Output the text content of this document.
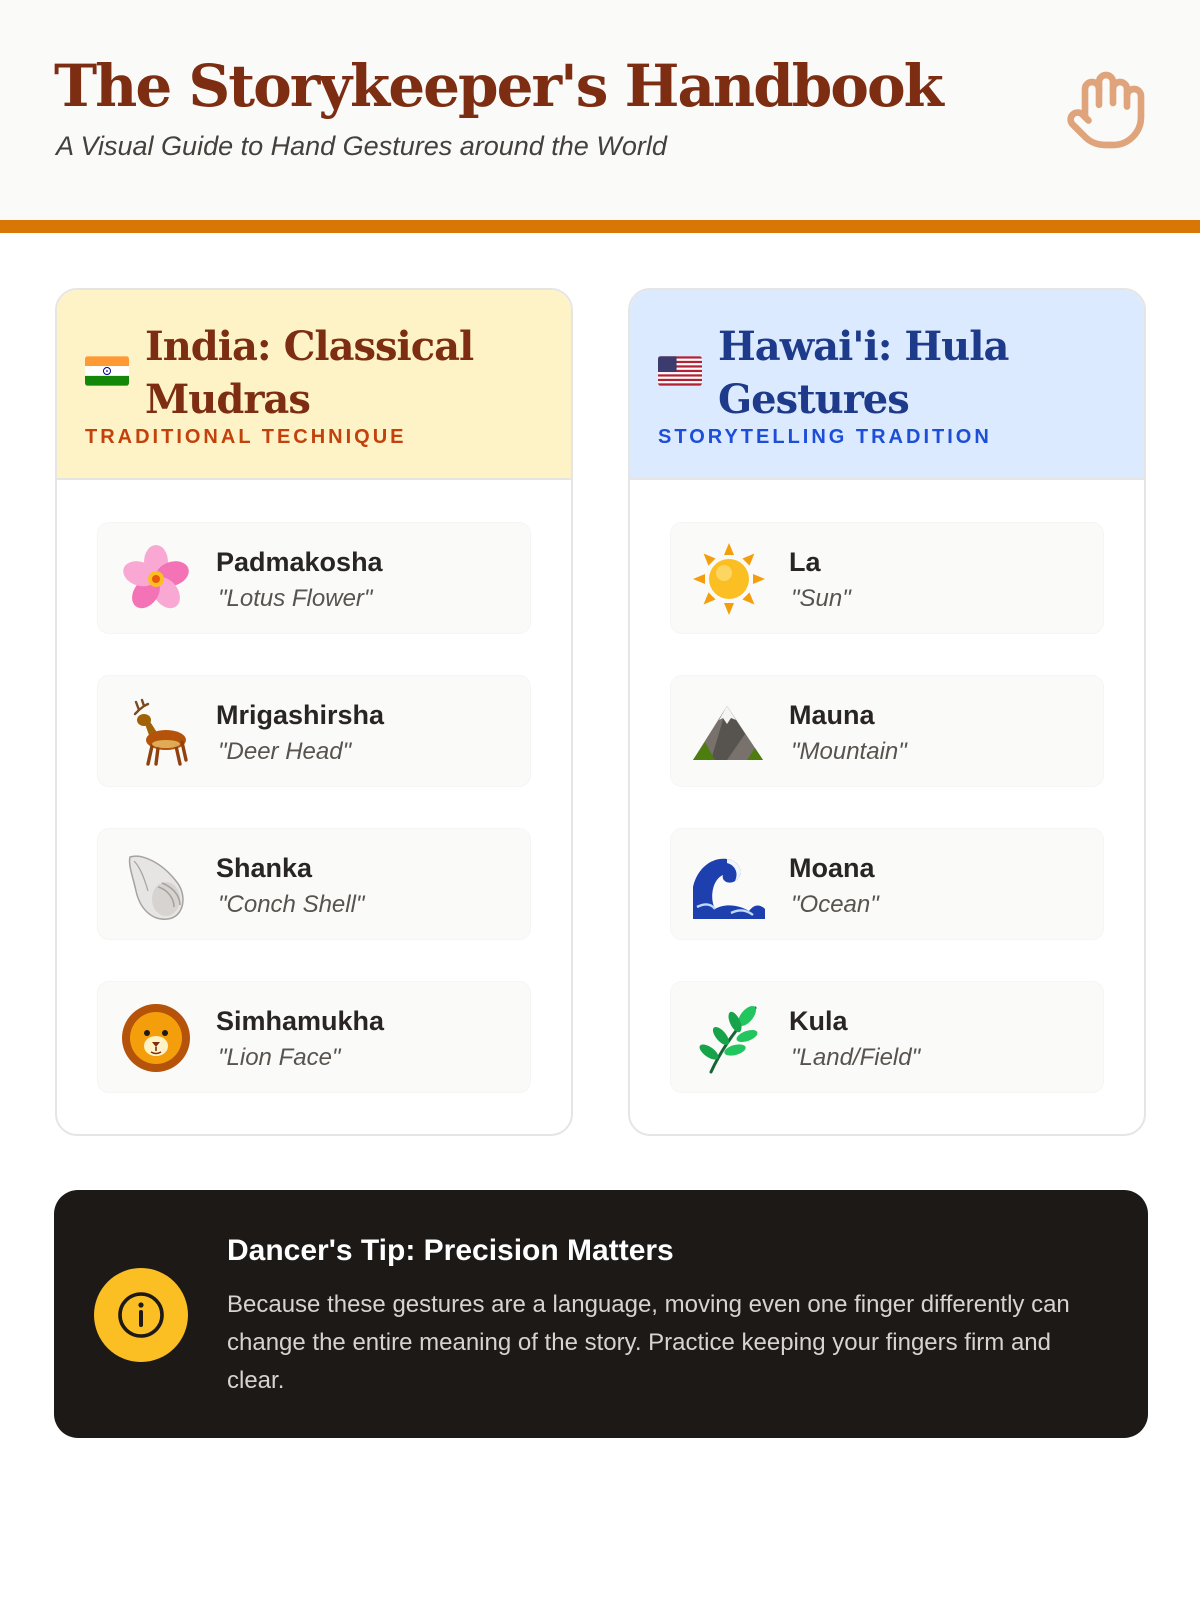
The Storykeeper's Handbook
A Visual Guide to Hand Gestures around the World
India: Classical Mudras
TRADITIONAL TECHNIQUE
Padmakosha
"Lotus Flower"
Mrigashirsha
"Deer Head"
Shanka
"Conch Shell"
Simhamukha
"Lion Face"
Hawai'i: Hula Gestures
STORYTELLING TRADITION
La
"Sun"
Mauna
"Mountain"
Moana
"Ocean"
Kula
"Land/Field"
Dancer's Tip: Precision Matters
Because these gestures are a language, moving even one finger differently can change the entire meaning of the story. Practice keeping your fingers firm and clear.
